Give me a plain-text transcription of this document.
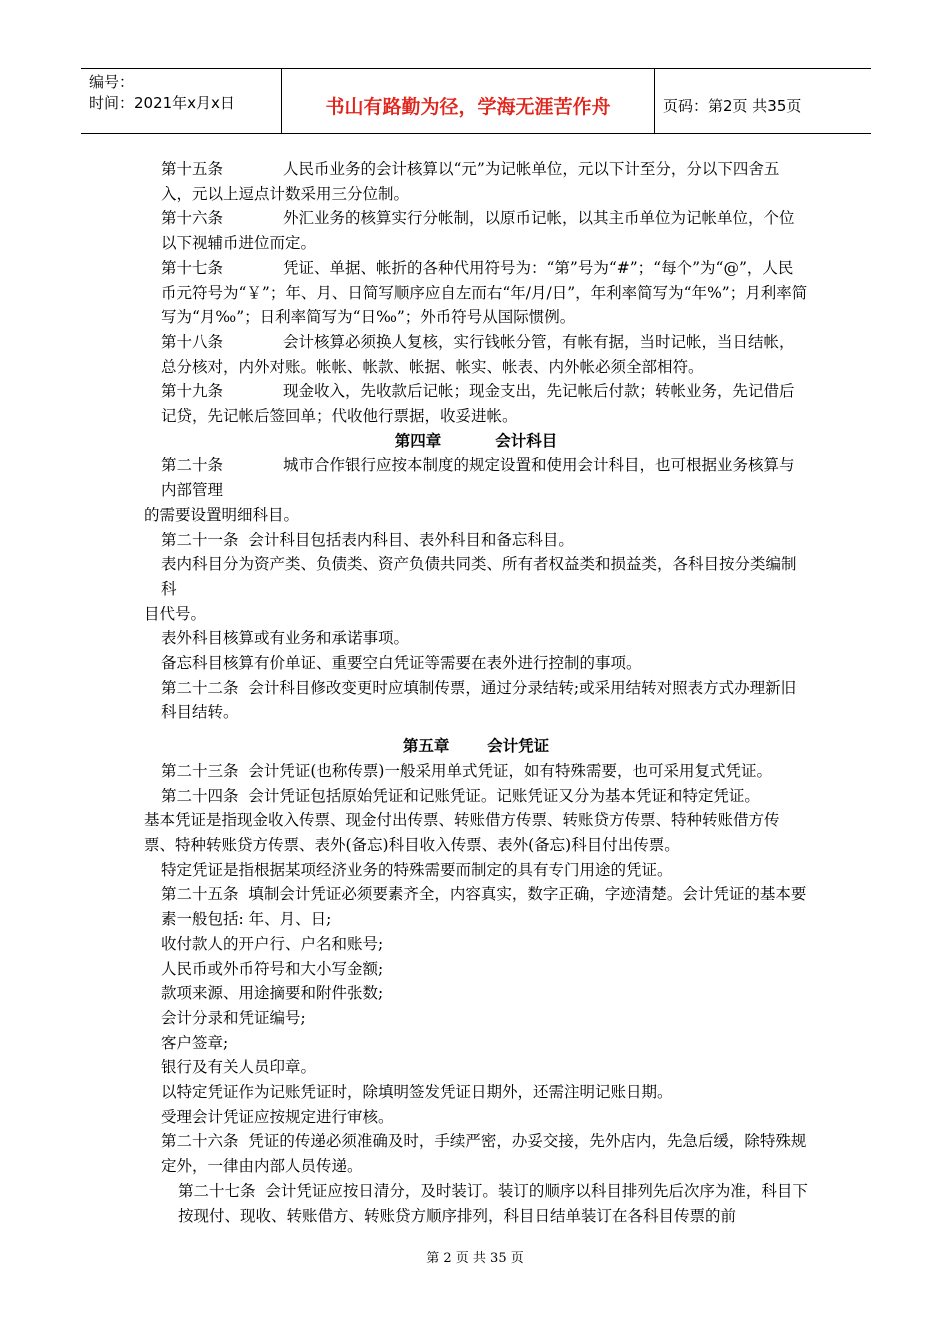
编号：
时间：2021年x月x日	书山有路勤为径，学海无涯苦作舟	页码：第2页 共35页

第十五条	人民币业务的会计核算以“元”为记帐单位，元以下计至分，分以下四舍五入，元以上逗点计数采用三分位制。

第十六条	外汇业务的核算实行分帐制，以原币记帐，以其主币单位为记帐单位，个位以下视辅币进位而定。

第十七条	凭证、单据、帐折的各种代用符号为：“第”号为“#”；“每个”为“@”，人民币元符号为“￥”；年、月、日简写顺序应自左而右“年/月/日”，年利率简写为“年%”；月利率简写为“月‰”；日利率简写为“日‰”；外币符号从国际惯例。

第十八条	会计核算必须换人复核，实行钱帐分管，有帐有据，当时记帐，当日结帐，总分核对，内外对账。帐帐、帐款、帐据、帐实、帐表、内外帐必须全部相符。

第十九条	现金收入，先收款后记帐；现金支出，先记帐后付款；转帐业务，先记借后记贷，先记帐后签回单；代收他行票据，收妥进帐。

第四章          会计科目

第二十条	城市合作银行应按本制度的规定设置和使用会计科目，也可根据业务核算与内部管理

的需要设置明细科目。

第二十一条  会计科目包括表内科目、表外科目和备忘科目。

表内科目分为资产类、负债类、资产负债共同类、所有者权益类和损益类，各科目按分类编制科

目代号。

表外科目核算或有业务和承诺事项。

备忘科目核算有价单证、重要空白凭证等需要在表外进行控制的事项。

第二十二条  会计科目修改变更时应填制传票，通过分录结转;或采用结转对照表方式办理新旧科目结转。

第五章       会计凭证

第二十三条  会计凭证(也称传票)一般采用单式凭证，如有特殊需要，也可采用复式凭证。

第二十四条  会计凭证包括原始凭证和记账凭证。记账凭证又分为基本凭证和特定凭证。

基本凭证是指现金收入传票、现金付出传票、转账借方传票、转账贷方传票、特种转账借方传票、特种转账贷方传票、表外(备忘)科目收入传票、表外(备忘)科目付出传票。

特定凭证是指根据某项经济业务的特殊需要而制定的具有专门用途的凭证。

第二十五条  填制会计凭证必须要素齐全，内容真实，数字正确，字迹清楚。会计凭证的基本要素一般包括: 年、月、日;

收付款人的开户行、户名和账号;

人民币或外币符号和大小写金额;

款项来源、用途摘要和附件张数;

会计分录和凭证编号;

客户签章;

银行及有关人员印章。

以特定凭证作为记账凭证时，除填明签发凭证日期外，还需注明记账日期。

受理会计凭证应按规定进行审核。

第二十六条  凭证的传递必须准确及时，手续严密，办妥交接，先外店内，先急后缓，除特殊规定外，一律由内部人员传递。

第二十七条  会计凭证应按日清分，及时装订。装订的顺序以科目排列先后次序为准，科目下按现付、现收、转账借方、转账贷方顺序排列，科目日结单装订在各科目传票的前

第 2 页 共 35 页
